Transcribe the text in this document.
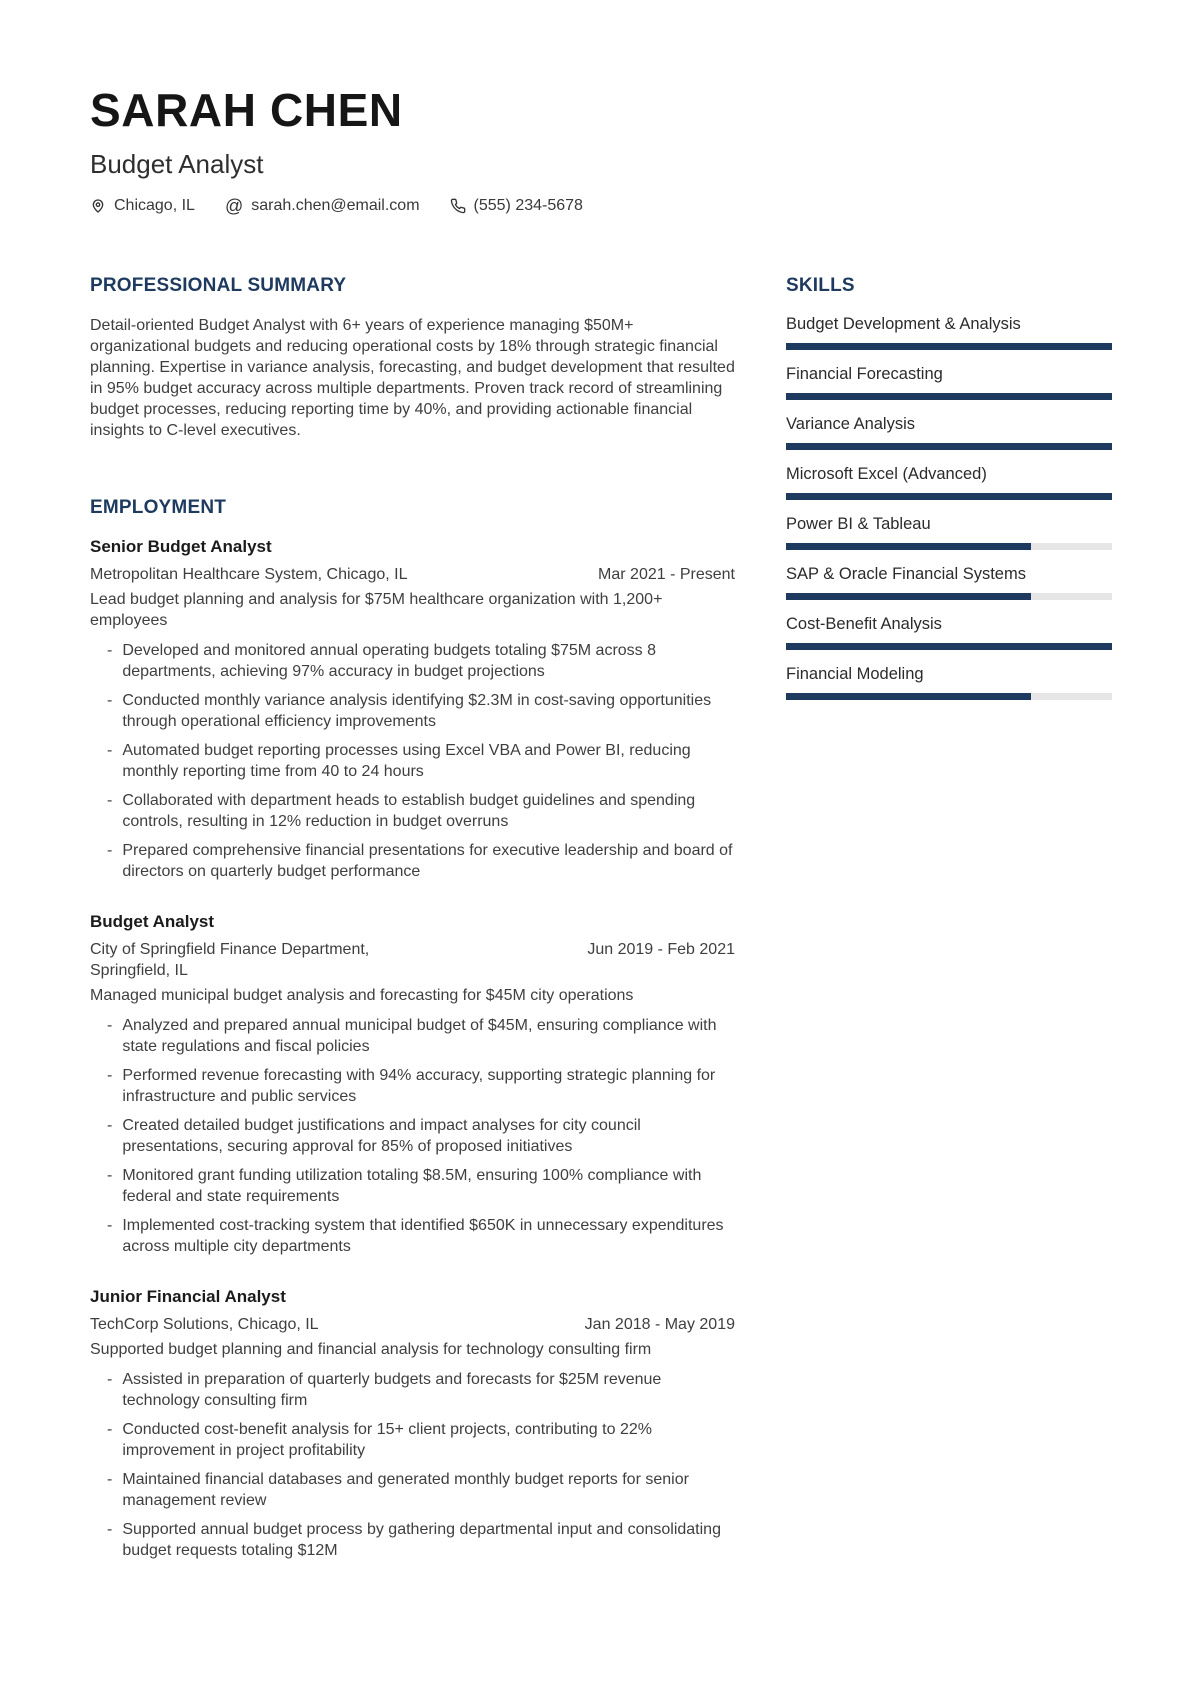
SARAH CHEN
Budget Analyst
Chicago, IL @ sarah.chen@email.com	(555) 234-5678
PROFESSIONAL SUMMARY

Detail-oriented Budget Analyst with 6+ years of experience managing $50M+ organizational budgets and reducing operational costs by 18% through strategic financial planning. Expertise in variance analysis, forecasting, and budget development that resulted in 95% budget accuracy across multiple departments. Proven track record of streamlining budget processes, reducing reporting time by 40%, and providing actionable financial insights to C-level executives.

EMPLOYMENT
Senior Budget Analyst
Metropolitan Healthcare System, Chicago, IL	Mar 2021 - Present
Lead budget planning and analysis for $75M healthcare organization with 1,200+ employees
- Developed and monitored annual operating budgets totaling $75M across 8 departments, achieving 97% accuracy in budget projections
- Conducted monthly variance analysis identifying $2.3M in cost-saving opportunities through operational efficiency improvements
- Automated budget reporting processes using Excel VBA and Power BI, reducing monthly reporting time from 40 to 24 hours
- Collaborated with department heads to establish budget guidelines and spending controls, resulting in 12% reduction in budget overruns
- Prepared comprehensive financial presentations for executive leadership and board of directors on quarterly budget performance
Budget Analyst
City of Springfield Finance Department, Springfield, IL
Jun 2019 - Feb 2021
Managed municipal budget analysis and forecasting for $45M city operations
- Analyzed and prepared annual municipal budget of $45M, ensuring compliance with state regulations and fiscal policies
- Performed revenue forecasting with 94% accuracy, supporting strategic planning for infrastructure and public services
- Created detailed budget justifications and impact analyses for city council presentations, securing approval for 85% of proposed initiatives
- Monitored grant funding utilization totaling $8.5M, ensuring 100% compliance with federal and state requirements
- Implemented cost-tracking system that identified $650K in unnecessary expenditures across multiple city departments
Junior Financial Analyst
TechCorp Solutions, Chicago, IL	Jan 2018 - May 2019
Supported budget planning and financial analysis for technology consulting firm
- Assisted in preparation of quarterly budgets and forecasts for $25M revenue technology consulting firm
- Conducted cost-benefit analysis for 15+ client projects, contributing to 22% improvement in project profitability
- Maintained financial databases and generated monthly budget reports for senior management review
- Supported annual budget process by gathering departmental input and consolidating budget requests totaling $12M
SKILLS
Budget Development & Analysis
Financial Forecasting
Variance Analysis
Microsoft Excel (Advanced)
Power BI & Tableau
SAP & Oracle Financial Systems
Cost-Benefit Analysis
Financial Modeling
